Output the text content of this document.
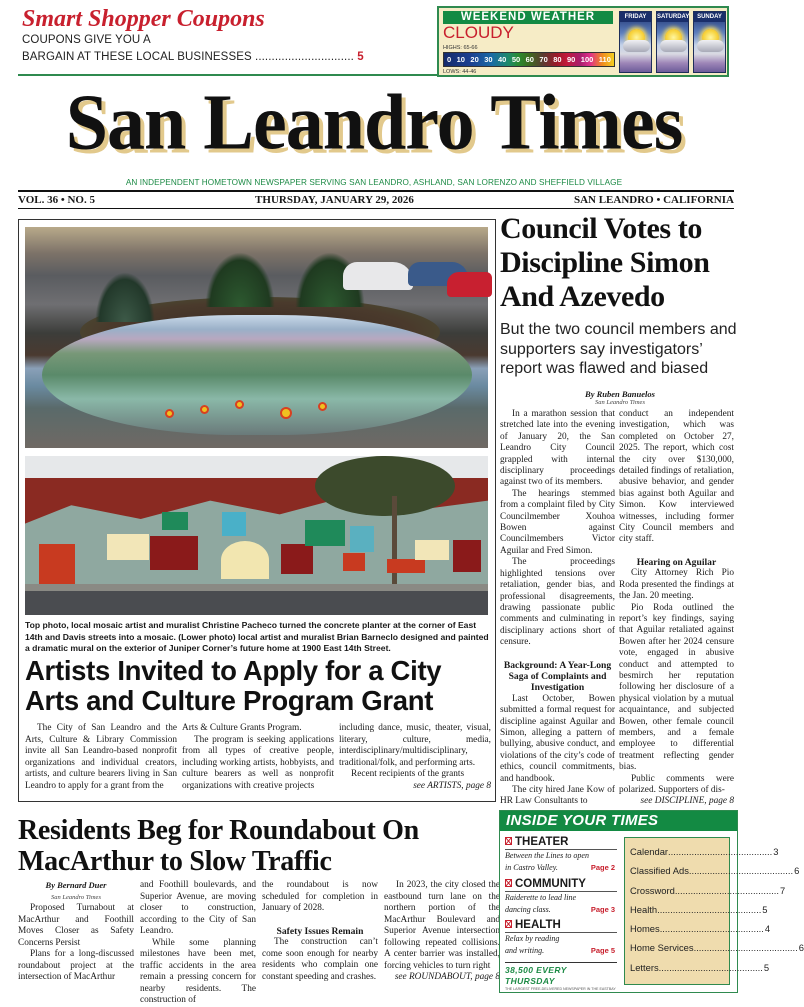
Smart Shopper Coupons
COUPONS GIVE YOU A
BARGAIN AT THESE LOCAL BUSINESSES .............................. 5
WEEKEND WEATHER
CLOUDY
HIGHS: 65-66
0 10 20 30 40 50 60 70 80 90 100 110
LOWS: 44-46
FRIDAY	SATURDAY	SUNDAY
San Leandro Times
AN INDEPENDENT HOMETOWN NEWSPAPER SERVING SAN LEANDRO, ASHLAND, SAN LORENZO AND SHEFFIELD VILLAGE
VOL. 36 • NO. 5	THURSDAY, JANUARY 29, 2026	SAN LEANDRO • CALIFORNIA
Top photo, local mosaic artist and muralist Christine Pacheco turned the concrete planter at the corner of East 14th and Davis streets into a mosaic. (Lower photo) local artist and muralist Brian Barneclo designed and painted a dramatic mural on the exterior of Juniper Corner’s future home at 1900 East 14th Street.
Artists Invited to Apply for a City Arts and Culture Program Grant

The City of San Leandro and the Arts, Culture & Library Commission invite all San Leandro-based nonprofit organizations and individual creators, artists, and culture bearers living in San Leandro to apply for a grant from the

Arts & Culture Grants Program.

The program is seeking applications from all types of creative people, including working artists, hobbyists, and culture bearers as well as nonprofit organizations with creative projects

including dance, music, theater, visual, literary, culture, media, interdisciplinary/multidisciplinary, traditional/folk, and performing arts.

Recent recipients of the grants

see ARTISTS, page 8
Council Votes to Discipline Simon And Azevedo
But the two council members and supporters say investigators’ report was flawed and biased
By Ruben Banuelos
San Leandro Times

In a marathon session that stretched late into the evening of January 20, the San Leandro City Council grappled with internal disciplinary proceedings against two of its members.

The hearings stemmed from a complaint filed by City Councilmember Xouhoa Bowen against Councilmembers Victor Aguilar and Fred Simon.

The proceedings highlighted tensions over retaliation, gender bias, and professional disagreements, drawing passionate public comments and culminating in disciplinary actions short of censure.

Background: A Year-Long Saga of Complaints and Investigation

Last October, Bowen submitted a formal request for discipline against Aguilar and Simon, alleging a pattern of bullying, abusive conduct, and violations of the city’s code of ethics, council commitments, and handbook.

The city hired Jane Kow of HR Law Consultants to

conduct an independent investigation, which was completed on October 27, 2025. The report, which cost the city over $130,000, detailed findings of retaliation, abusive behavior, and gender bias against both Aguilar and Simon. Kow interviewed witnesses, including former City Council members and city staff.

Hearing on Aguilar

City Attorney Rich Pio Roda presented the findings at the Jan. 20 meeting.

Pio Roda outlined the report’s key findings, saying that Aguilar retaliated against Bowen after her 2024 censure vote, engaged in abusive conduct and attempted to besmirch her reputation following her disclosure of a physical violation by a mutual acquaintance, and subjected Bowen, other female council members, and a female employee to differential treatment reflecting gender bias.

Public comments were polarized. Supporters of dis-

see DISCIPLINE, page 8
Residents Beg for Roundabout On MacArthur to Slow Traffic
By Bernard Duer
San Leandro Times

Proposed Turnabout at MacArthur and Foothill Moves Closer as Safety Concerns Persist

Plans for a long-discussed roundabout project at the intersection of MacArthur

and Foothill boulevards, and Superior Avenue, are moving closer to construction, according to the City of San Leandro.

While some planning milestones have been met, traffic accidents in the area remain a pressing concern for nearby residents. The construction of

the roundabout is now scheduled for completion in January of 2028.

Safety Issues Remain

The construction can’t come soon enough for nearby residents who complain one constant speeding and crashes.

In 2023, the city closed the eastbound turn lane on the northern portion of the MacArthur Boulevard and Superior Avenue intersection following repeated collisions. A center barrier was installed, forcing vehicles to turn right

see ROUNDABOUT, page 8
INSIDE YOUR TIMES
THEATER
Between the Lines to open
in Castro Valley.	Page 2
COMMUNITY
Raiderette to lead line
dancing class.	Page 3
HEALTH
Relax by reading
and writing.	Page 5
38,500 EVERY THURSDAY
THE LARGEST FREE-DELIVERED NEWSPAPER IN THE EASTBAY
Calendar .....	3
Classified Ads .....	6
Crossword .....	7
Health .....	5
Homes .....	4
Home Services .....	6
Letters .....	5
